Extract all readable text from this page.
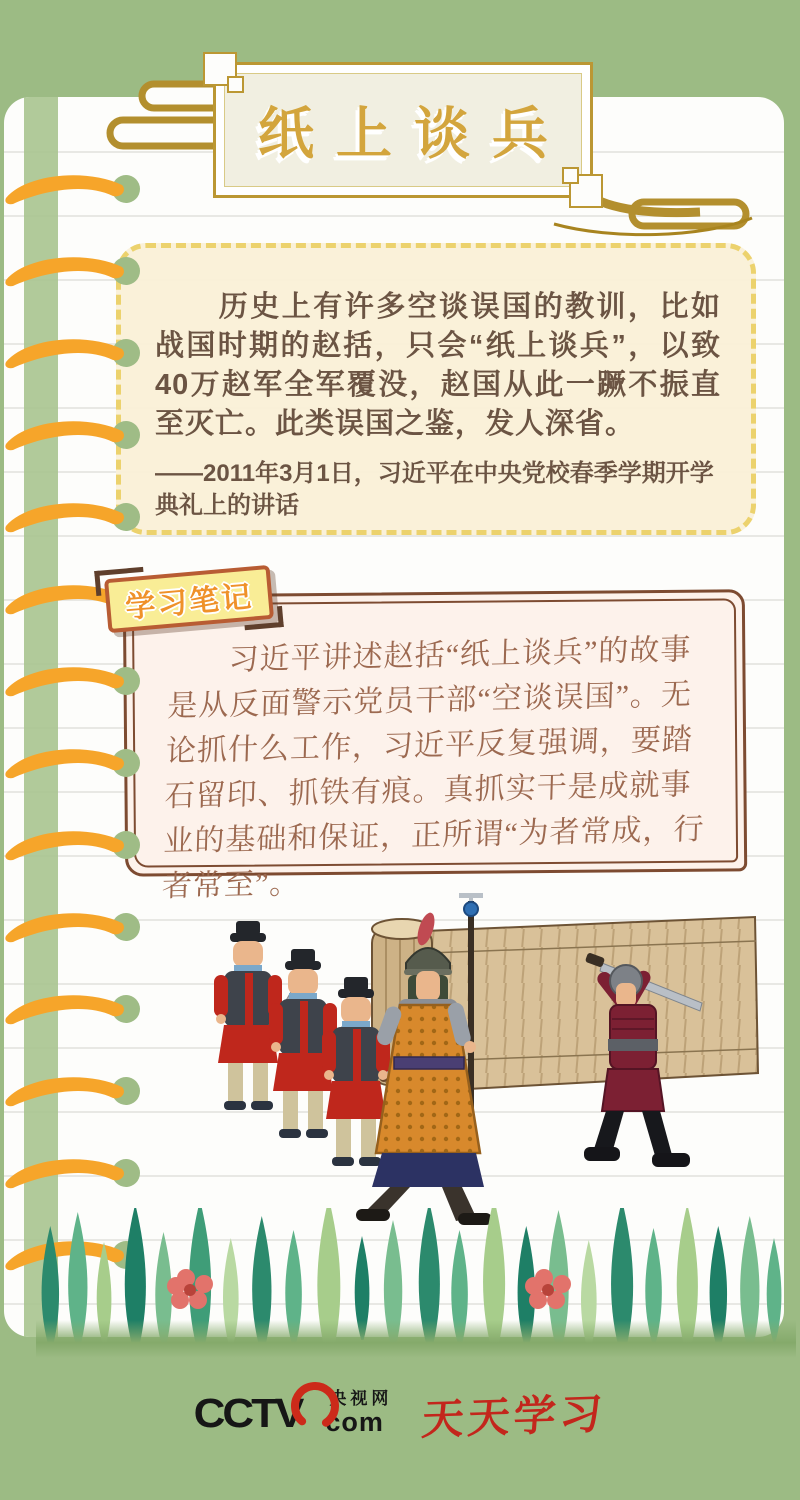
纸上谈兵

历史上有许多空谈误国的教训，比如战国时期的赵括，只会“纸上谈兵”，以致40万赵军全军覆没，赵国从此一蹶不振直至灭亡。此类误国之鉴，发人深省。

——2011年3月1日，习近平在中央党校春季学期开学典礼上的讲话

学习笔记

习近平讲述赵括“纸上谈兵”的故事是从反面警示党员干部“空谈误国”。无论抓什么工作，习近平反复强调，要踏石留印、抓铁有痕。真抓实干是成就事业的基础和保证，正所谓“为者常成，行者常至”。

CCTV 央视网
com 天天学习
